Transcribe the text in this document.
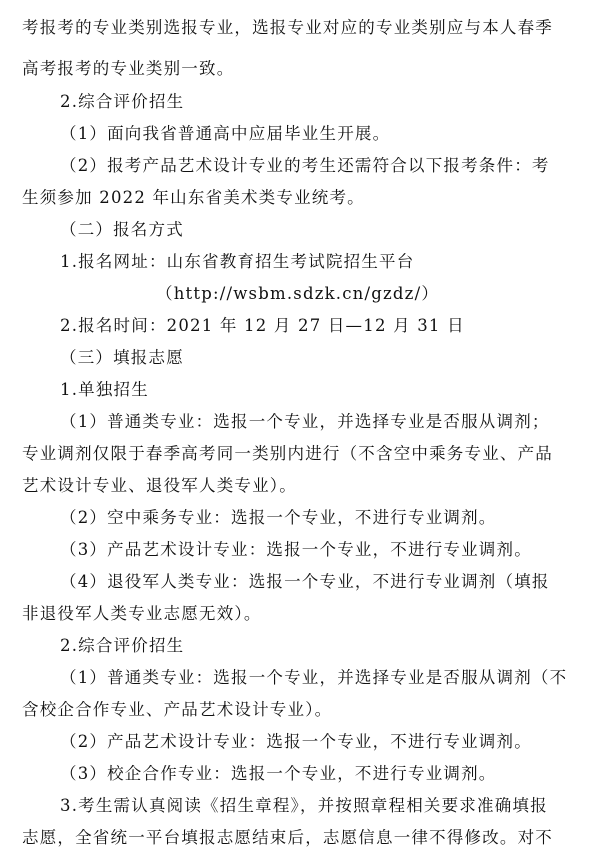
考报考的专业类别选报专业，选报专业对应的专业类别应与本人春季
高考报考的专业类别一致。
2.综合评价招生
（1）面向我省普通高中应届毕业生开展。
（2）报考产品艺术设计专业的考生还需符合以下报考条件：考
生须参加 2022 年山东省美术类专业统考。
（二）报名方式
1.报名网址：山东省教育招生考试院招生平台
（http://wsbm.sdzk.cn/gzdz/）
2.报名时间：2021 年 12 月 27 日—12 月 31 日
（三）填报志愿
1.单独招生
（1）普通类专业：选报一个专业，并选择专业是否服从调剂；
专业调剂仅限于春季高考同一类别内进行（不含空中乘务专业、产品
艺术设计专业、退役军人类专业）。
（2）空中乘务专业：选报一个专业，不进行专业调剂。
（3）产品艺术设计专业：选报一个专业，不进行专业调剂。
（4）退役军人类专业：选报一个专业，不进行专业调剂（填报
非退役军人类专业志愿无效）。
2.综合评价招生
（1）普通类专业：选报一个专业，并选择专业是否服从调剂（不
含校企合作专业、产品艺术设计专业）。
（2）产品艺术设计专业：选报一个专业，不进行专业调剂。
（3）校企合作专业：选报一个专业，不进行专业调剂。
3.考生需认真阅读《招生章程》，并按照章程相关要求准确填报
志愿，全省统一平台填报志愿结束后，志愿信息一律不得修改。对不
